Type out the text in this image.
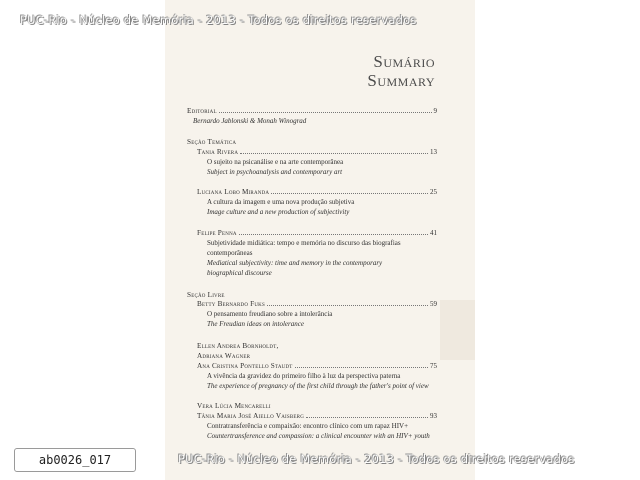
PUC-Rio - Núcleo de Memória - 2013 - Todos os direitos reservados
PUC-Rio - Núcleo de Memória - 2013 - Todos os direitos reservados
ab0026_017
Sumário
Summary
Editorial	9
Bernardo Jablonski & Monah Winograd
Seção Temática
Tania Rivera	13
O sujeito na psicanálise e na arte contemporânea
Subject in psychoanalysis and contemporary art
Luciana Lobo Miranda	25
A cultura da imagem e uma nova produção subjetiva
Image culture and a new production of subjectivity
Felipe Penna	41
Subjetividade midiática: tempo e memória no discurso das biografias
contemporâneas
Mediatical subjectivity: time and memory in the contemporary
biographical discourse
Seção Livre
Betty Bernardo Fuks	59
O pensamento freudiano sobre a intolerância
The Freudian ideas on intolerance
Ellen Andrea Bornholdt,
Adriana Wagner
Ana Cristina Pontello Staudt	75
A vivência da gravidez do primeiro filho à luz da perspectiva paterna
The experience of pregnancy of the first child through the father's point of view
Vera Lúcia Mencarelli
Tânia Maria José Aiello Vaisberg	93
Contratransferência e compaixão: encontro clínico com um rapaz HIV+
Countertransference and compassion: a clinical encounter with an HIV+ youth
